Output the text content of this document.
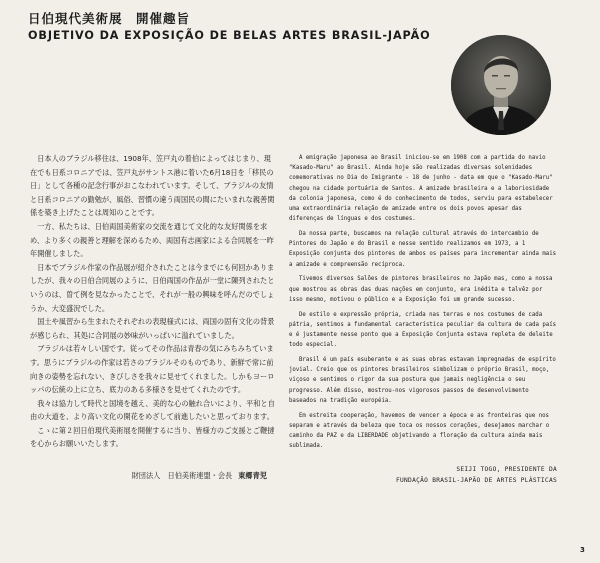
日伯現代美術展　開催趣旨
OBJETIVO DA EXPOSIÇÃO DE BELAS ARTES BRASIL-JAPÃO

日本人のブラジル移住は、1908年、笠戸丸の着伯によってはじまり、現在でも日系コロニアでは、笠戸丸がサントス港に着いた6月18日を「移民の日」として各種の記念行事がおこなわれています。そして、ブラジルの友情と日系コロニアの勤勉が、風俗、習慣の違う両国民の間にたいまれな親善関係を築き上げたことは周知のことです。

一方、私たちは、日伯両国美術家の交流を通じて文化的な友好関係を求め、より多くの親善と理解を深めるため、両国有志画家による合同展を一昨年開催しました。

日本でブラジル作家の作品展が紹介されたことは今までにも何回かありましたが、我々の日伯合同展のように、日伯両国の作品が一堂に陳列されたというのは、曽て例を見なかったことで、それが一般の興味を呼んだのでしょうか、大変盛況でした。

国土や風習から生まれたそれぞれの表現様式には、両国の固有文化の背景が感じられ、其処に合同展の妙味がいっぱいに溢れていました。

ブラジルは若々しい国です。従ってその作品は青春の気にみちみちています。思うにブラジルの作家は若さのブラジルそのものであり、新鮮で常に前向きの姿勢を忘れない、きびしさを我々に見せてくれました。しかもヨーロッパの伝統の上に立ち、底力のある多様さを見せてくれたのです。

我々は協力して時代と国境を越え、美的な心の触れ合いにより、平和と自由の大道を、より高い文化の開花をめざして前進したいと思っております。

こゝに第２回日伯現代美術展を開催するに当り、皆様方のご支援とご鞭撻を心からお願いいたします。

財団法人　日伯美術連盟・会長 東郷青児

A emigração japonesa ao Brasil iniciou-se em 1908 com a partida do navio "Kasado-Maru" ao Brasil. Ainda hoje são realizadas diversas solenidades comemorativas no Dia do Imigrante - 18 de junho - data em que o "Kasado-Maru" chegou na cidade portuária de Santos. A amizade brasileira e a laboriosidade da colonia japonesa, como é do conhecimento de todos, serviu para estabelecer uma extraordinária relação de amizade entre os dois povos apesar das diferenças de línguas e dos costumes.

Da nossa parte, buscamos na relação cultural através do intercambio de Pintores do Japão e do Brasil e nesse sentido realizamos em 1973, a 1 Exposição conjunta dos pintores de ambos os países para incrementar ainda mais a amizade e compreensão recíproca.

Tivemos diversos Salões de pintores brasileiros no Japão mas, como a nossa que mostrou as obras das duas nações em conjunto, era inédita e talvêz por isso mesmo, motivou o público e a Exposição foi um grande sucesso.

De estilo e expressão própria, criada nas terras e nos costumes de cada pátria, sentimos a fundamental característica peculiar da cultura de cada país e é justamente nesse ponto que a Exposição Conjunta estava repleta de deleite todo especial.

Brasil é um país esuberante e as suas obras estavam impregnadas de espírito jovial. Creio que os pintores brasileiros simbolizam o próprio Brasil, moço, viçoso e sentimos o rigor da sua postura que jamais negligência o seu progresso. Além disso, mostrou-nos vigorosos passos de desenvolvimento baseados na tradição européia.

Em estreita cooperação, havemos de vencer a época e as fronteiras que nos separam e através da beleza que toca os nossos corações, desejamos marchar o caminho da PAZ e da LIBERDADE objetivando a floração da cultura ainda mais sublimada.

SEIJI TOGO, PRESIDENTE DA

FUNDAÇÃO BRASIL-JAPÃO DE ARTES PLÁSTICAS

3
